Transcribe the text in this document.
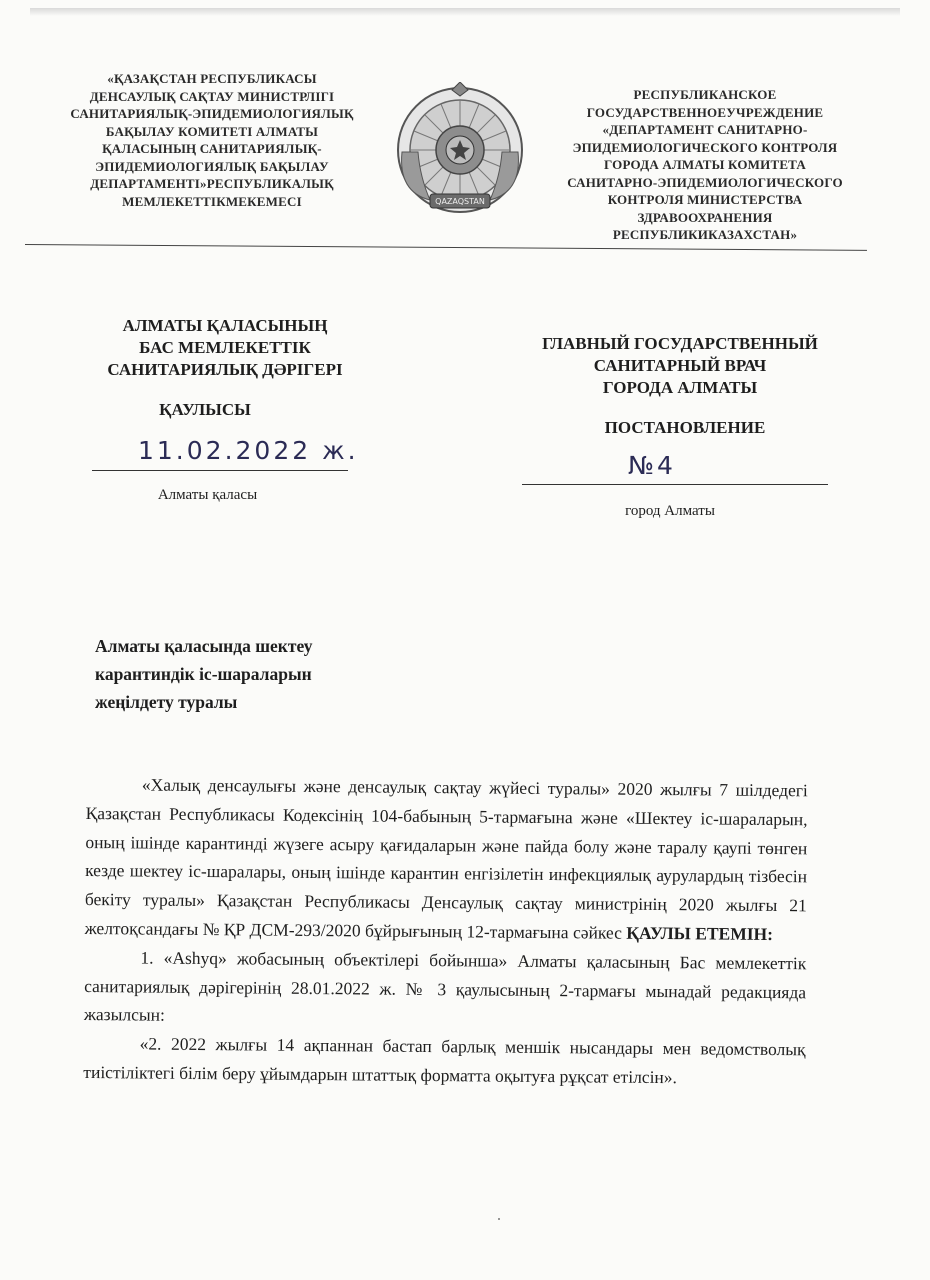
«ҚАЗАҚСТАН РЕСПУБЛИКАСЫ
ДЕНСАУЛЫҚ САҚТАУ МИНИСТРЛІГІ
САНИТАРИЯЛЫҚ-ЭПИДЕМИОЛОГИЯЛЫҚ
БАҚЫЛАУ КОМИТЕТІ АЛМАТЫ
ҚАЛАСЫНЫҢ САНИТАРИЯЛЫҚ-
ЭПИДЕМИОЛОГИЯЛЫҚ БАҚЫЛАУ
ДЕПАРТАМЕНТІ»РЕСПУБЛИКАЛЫҚ
МЕМЛЕКЕТТІКМЕКЕМЕСІ	QAZAQSTAN
РЕСПУБЛИКАНСКОЕ
ГОСУДАРСТВЕННОЕУЧРЕЖДЕНИЕ
«ДЕПАРТАМЕНТ САНИТАРНО-
ЭПИДЕМИОЛОГИЧЕСКОГО КОНТРОЛЯ
ГОРОДА АЛМАТЫ КОМИТЕТА
САНИТАРНО-ЭПИДЕМИОЛОГИЧЕСКОГО
КОНТРОЛЯ МИНИСТЕРСТВА
ЗДРАВООХРАНЕНИЯ
РЕСПУБЛИКИКАЗАХСТАН»
АЛМАТЫ ҚАЛАСЫНЫҢ
БАС МЕМЛЕКЕТТІК
САНИТАРИЯЛЫҚ ДӘРІГЕРІ
ГЛАВНЫЙ ГОСУДАРСТВЕННЫЙ
САНИТАРНЫЙ ВРАЧ
ГОРОДА АЛМАТЫ
ҚАУЛЫСЫ
ПОСТАНОВЛЕНИЕ
11.02.2022 ж.
№4
Алматы қаласы
город Алматы
Алматы қаласында шектеу
карантиндік іс-шараларын
жеңілдету туралы

«Халық денсаулығы және денсаулық сақтау жүйесі туралы» 2020 жылғы 7 шілдедегі Қазақстан Республикасы Кодексінің 104-бабының 5-тармағына және «Шектеу іс-шараларын, оның ішінде карантинді жүзеге асыру қағидаларын және пайда болу және таралу қаупі төнген кезде шектеу іс-шаралары, оның ішінде карантин енгізілетін инфекциялық аурулардың тізбесін бекіту туралы» Қазақстан Республикасы Денсаулық сақтау министрінің 2020 жылғы 21 желтоқсандағы № ҚР ДСМ-293/2020 бұйрығының 12-тармағына сәйкес ҚАУЛЫ ЕТЕМІН:

1. «Ashyq» жобасының объектілері бойынша» Алматы қаласының Бас мемлекеттік санитариялық дәрігерінің 28.01.2022 ж. № 3 қаулысының 2-тармағы мынадай редакцияда жазылсын:

«2. 2022 жылғы 14 ақпаннан бастап барлық меншік нысандары мен ведомстволық тиістіліктегі білім беру ұйымдарын штаттық форматта оқытуға рұқсат етілсін».
